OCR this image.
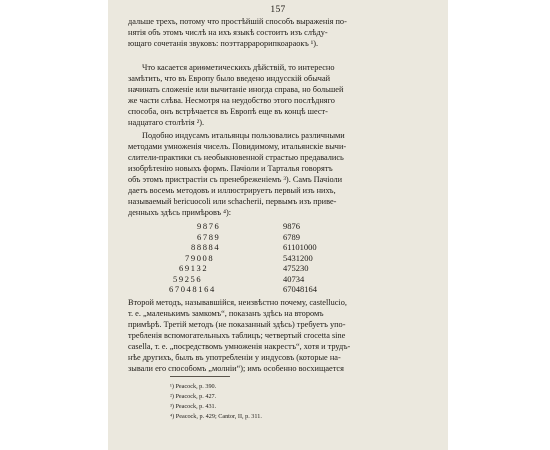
157
дальше трехъ, потому что простѣйшiй способъ выраженiя по-
нятiя объ этомъ числѣ на ихъ языкѣ состоитъ изъ слѣду-
ющаго сочетанiя звуковъ: поэттаррарорипкоараокъ ¹).
Что касается ариѳметическихъ дѣйствiй, то интересно
замѣтить, что въ Европу было введено индусскiй обычай
начинать сложенiе или вычитанiе иногда справа, но большей
же части слѣва. Несмотря на неудобство этого послѣдняго
способа, онъ встрѣчается въ Европѣ еще въ концѣ шест-
надцатаго столѣтiя ²).
Подобно индусамъ итальянцы пользовались различными
методами умноженiя чиселъ. Повидимому, итальянскiе вычи-
слители-практики съ необыкновенной страстью предавались
изобрѣтенiю новыхъ формъ. Пачiоли и Тарталья говорятъ
объ этомъ пристрастiи съ пренебреженiемъ ³). Самъ Пачiоли
даетъ восемь методовъ и иллюстрируетъ первый изъ нихъ,
называемый bericuocoli или schacherii, первымъ изъ приве-
денныхъ здѣсь примѣровъ ⁴):
9876
6789
88884
79008
69132
59256
67048164
9876
6789
61101000
5431200
475230
40734
67048164
Второй методъ, называвшiйся, неизвѣстно почему, castellucio,
т. е. „маленькимъ замкомъ“, показанъ здѣсь на второмъ
примѣрѣ. Третiй методъ (не показанный здѣсь) требуетъ упо-
требленiя вспомогательныхъ таблицъ; четвертый crocetta sine
casella, т. е. „посредствомъ умноженiя накрестъ“, хотя и трудъ-
нѣе другихъ, былъ въ употребленiи у индусовъ (которые на-
зывали его способомъ „молнiи“); имъ особенно восхищается
¹) Peacock, p. 390.
²) Peacock, p. 427.
³) Peacock, p. 431.
⁴) Peacock, p. 429; Cantor, II, p. 311.
